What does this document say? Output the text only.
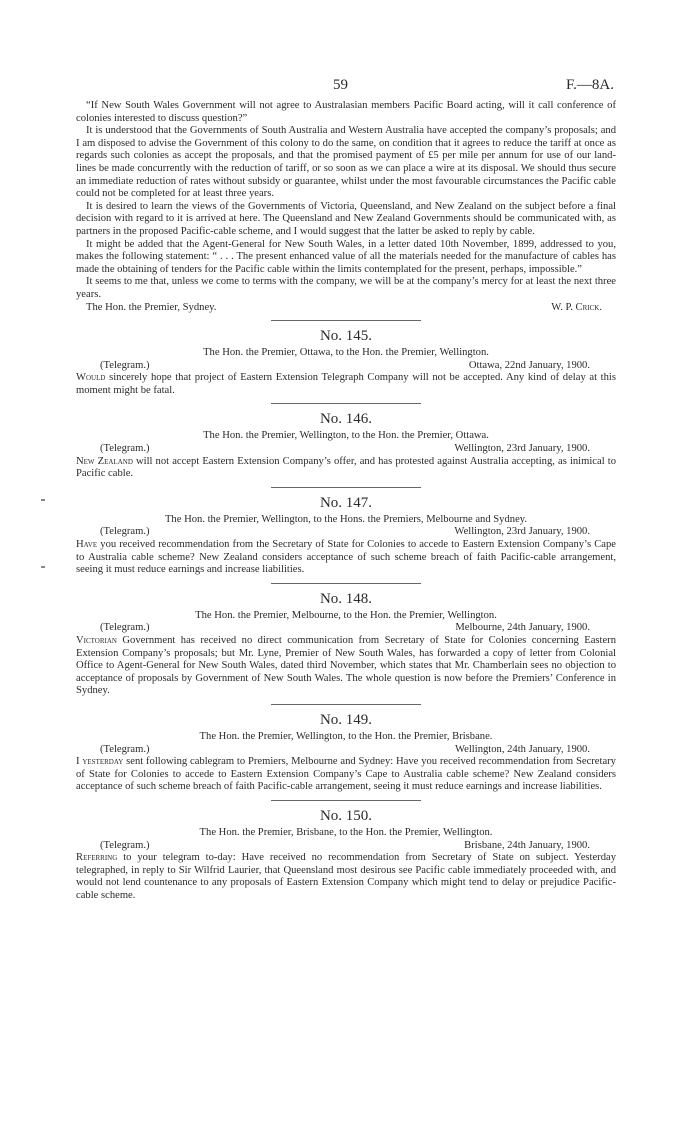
59	F.—8A.

“If New South Wales Government will not agree to Australasian members Pacific Board acting, will it call conference of colonies interested to discuss question?”

It is understood that the Governments of South Australia and Western Australia have accepted the company’s proposals; and I am disposed to advise the Government of this colony to do the same, on condition that it agrees to reduce the tariff at once as regards such colonies as accept the proposals, and that the promised payment of £5 per mile per annum for use of our land-lines be made concurrently with the reduction of tariff, or so soon as we can place a wire at its disposal. We should thus secure an immediate reduction of rates without subsidy or guarantee, whilst under the most favourable circumstances the Pacific cable could not be completed for at least three years.

It is desired to learn the views of the Governments of Victoria, Queensland, and New Zealand on the subject before a final decision with regard to it is arrived at here. The Queensland and New Zealand Governments should be communicated with, as partners in the proposed Pacific-cable scheme, and I would suggest that the latter be asked to reply by cable.

It might be added that the Agent-General for New South Wales, in a letter dated 10th November, 1899, addressed to you, makes the following statement: “ . . . The present enhanced value of all the materials needed for the manufacture of cables has made the obtaining of tenders for the Pacific cable within the limits contemplated for the present, perhaps, impossible.”

It seems to me that, unless we come to terms with the company, we will be at the company’s mercy for at least the next three years.

The Hon. the Premier, Sydney.	W. P. Crick.

No. 145.

The Hon. the Premier, Ottawa, to the Hon. the Premier, Wellington.

(Telegram.)	Ottawa, 22nd January, 1900.

Would sincerely hope that project of Eastern Extension Telegraph Company will not be accepted. Any kind of delay at this moment might be fatal.

No. 146.

The Hon. the Premier, Wellington, to the Hon. the Premier, Ottawa.

(Telegram.)	Wellington, 23rd January, 1900.

New Zealand will not accept Eastern Extension Company’s offer, and has protested against Australia accepting, as inimical to Pacific cable.

No. 147.

The Hon. the Premier, Wellington, to the Hons. the Premiers, Melbourne and Sydney.

(Telegram.)	Wellington, 23rd January, 1900.

Have you received recommendation from the Secretary of State for Colonies to accede to Eastern Extension Company’s Cape to Australia cable scheme? New Zealand considers acceptance of such scheme breach of faith Pacific-cable arrangement, seeing it must reduce earnings and increase liabilities.

No. 148.

The Hon. the Premier, Melbourne, to the Hon. the Premier, Wellington.

(Telegram.)	Melbourne, 24th January, 1900.

Victorian Government has received no direct communication from Secretary of State for Colonies concerning Eastern Extension Company’s proposals; but Mr. Lyne, Premier of New South Wales, has forwarded a copy of letter from Colonial Office to Agent-General for New South Wales, dated third November, which states that Mr. Chamberlain sees no objection to acceptance of proposals by Government of New South Wales. The whole question is now before the Premiers’ Conference in Sydney.

No. 149.

The Hon. the Premier, Wellington, to the Hon. the Premier, Brisbane.

(Telegram.)	Wellington, 24th January, 1900.

I yesterday sent following cablegram to Premiers, Melbourne and Sydney: Have you received recommendation from Secretary of State for Colonies to accede to Eastern Extension Company’s Cape to Australia cable scheme? New Zealand considers acceptance of such scheme breach of faith Pacific-cable arrangement, seeing it must reduce earnings and increase liabilities.

No. 150.

The Hon. the Premier, Brisbane, to the Hon. the Premier, Wellington.

(Telegram.)	Brisbane, 24th January, 1900.

Referring to your telegram to-day: Have received no recommendation from Secretary of State on subject. Yesterday telegraphed, in reply to Sir Wilfrid Laurier, that Queensland most desirous see Pacific cable immediately proceeded with, and would not lend countenance to any proposals of Eastern Extension Company which might tend to delay or prejudice Pacific-cable scheme.
